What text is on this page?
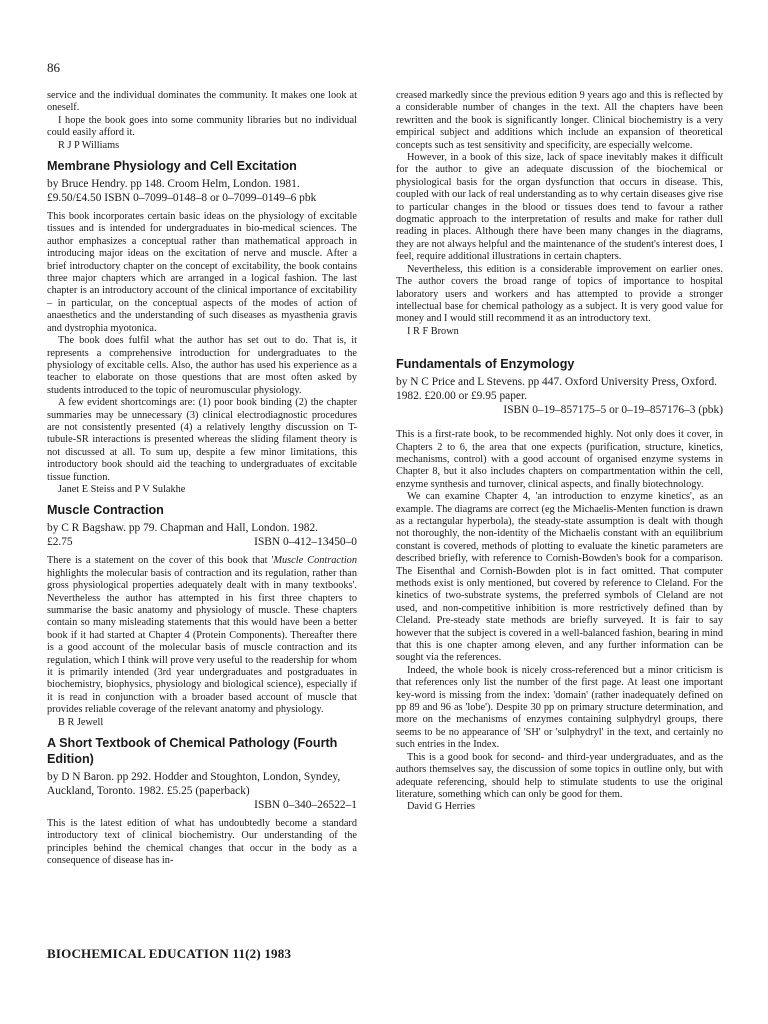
86

service and the individual dominates the community. It makes one look at oneself.

I hope the book goes into some community libraries but no individual could easily afford it.

R J P Williams

Membrane Physiology and Cell Excitation
by Bruce Hendry. pp 148. Croom Helm, London. 1981.
£9.50/£4.50 ISBN 0–7099–0148–8 or 0–7099–0149–6 pbk

This book incorporates certain basic ideas on the physiology of excitable tissues and is intended for undergraduates in bio-medical sciences. The author emphasizes a conceptual rather than mathematical approach in introducing major ideas on the excitation of nerve and muscle. After a brief introductory chapter on the concept of excitability, the book contains three major chapters which are arranged in a logical fashion. The last chapter is an introductory account of the clinical importance of excitability – in particular, on the conceptual aspects of the modes of action of anaesthetics and the understanding of such diseases as myasthenia gravis and dystrophia myotonica.

The book does fulfil what the author has set out to do. That is, it represents a comprehensive introduction for undergraduates to the physiology of excitable cells. Also, the author has used his experience as a teacher to elaborate on those questions that are most often asked by students introduced to the topic of neuromuscular physiology.

A few evident shortcomings are: (1) poor book binding (2) the chapter summaries may be unnecessary (3) clinical electrodiagnostic procedures are not consistently presented (4) a relatively lengthy discussion on T-tubule-SR interactions is presented whereas the sliding filament theory is not discussed at all. To sum up, despite a few minor limitations, this introductory book should aid the teaching to undergraduates of excitable tissue function.

Janet E Steiss and P V Sulakhe

Muscle Contraction
by C R Bagshaw. pp 79. Chapman and Hall, London. 1982.
£2.75	ISBN 0–412–13450–0

There is a statement on the cover of this book that 'Muscle Contraction highlights the molecular basis of contraction and its regulation, rather than gross physiological properties adequately dealt with in many textbooks'. Nevertheless the author has attempted in his first three chapters to summarise the basic anatomy and physiology of muscle. These chapters contain so many misleading statements that this would have been a better book if it had started at Chapter 4 (Protein Components). Thereafter there is a good account of the molecular basis of muscle contraction and its regulation, which I think will prove very useful to the readership for whom it is primarily intended (3rd year undergraduates and postgraduates in biochemistry, biophysics, physiology and biological science), especially if it is read in conjunction with a broader based account of muscle that provides reliable coverage of the relevant anatomy and physiology.

B R Jewell

A Short Textbook of Chemical Pathology (Fourth Edition)
by D N Baron. pp 292. Hodder and Stoughton, London, Syndey, Auckland, Toronto. 1982. £5.25 (paperback)
ISBN 0–340–26522–1

This is the latest edition of what has undoubtedly become a standard introductory text of clinical biochemistry. Our understanding of the principles behind the chemical changes that occur in the body as a consequence of disease has in-

creased markedly since the previous edition 9 years ago and this is reflected by a considerable number of changes in the text. All the chapters have been rewritten and the book is significantly longer. Clinical biochemistry is a very empirical subject and additions which include an expansion of theoretical concepts such as test sensitivity and specificity, are especially welcome.

However, in a book of this size, lack of space inevitably makes it difficult for the author to give an adequate discussion of the biochemical or physiological basis for the organ dysfunction that occurs in disease. This, coupled with our lack of real understanding as to why certain diseases give rise to particular changes in the blood or tissues does tend to favour a rather dogmatic approach to the interpretation of results and make for rather dull reading in places. Although there have been many changes in the diagrams, they are not always helpful and the maintenance of the student's interest does, I feel, require additional illustrations in certain chapters.

Nevertheless, this edition is a considerable improvement on earlier ones. The author covers the broad range of topics of importance to hospital laboratory users and workers and has attempted to provide a stronger intellectual base for chemical pathology as a subject. It is very good value for money and I would still recommend it as an introductory text.

I R F Brown

Fundamentals of Enzymology
by N C Price and L Stevens. pp 447. Oxford University Press, Oxford. 1982. £20.00 or £9.95 paper.
ISBN 0–19–857175–5 or 0–19–857176–3 (pbk)

This is a first-rate book, to be recommended highly. Not only does it cover, in Chapters 2 to 6, the area that one expects (purification, structure, kinetics, mechanisms, control) with a good account of organised enzyme systems in Chapter 8, but it also includes chapters on compartmentation within the cell, enzyme synthesis and turnover, clinical aspects, and finally biotechnology.

We can examine Chapter 4, 'an introduction to enzyme kinetics', as an example. The diagrams are correct (eg the Michaelis-Menten function is drawn as a rectangular hyperbola), the steady-state assumption is dealt with though not thoroughly, the non-identity of the Michaelis constant with an equilibrium constant is covered, methods of plotting to evaluate the kinetic parameters are described briefly, with reference to Cornish-Bowden's book for a comparison. The Eisenthal and Cornish-Bowden plot is in fact omitted. That computer methods exist is only mentioned, but covered by reference to Cleland. For the kinetics of two-substrate systems, the preferred symbols of Cleland are not used, and non-competitive inhibition is more restrictively defined than by Cleland. Pre-steady state methods are briefly surveyed. It is fair to say however that the subject is covered in a well-balanced fashion, bearing in mind that this is one chapter among eleven, and any further information can be sought via the references.

Indeed, the whole book is nicely cross-referenced but a minor criticism is that references only list the number of the first page. At least one important key-word is missing from the index: 'domain' (rather inadequately defined on pp 89 and 96 as 'lobe'). Despite 30 pp on primary structure determination, and more on the mechanisms of enzymes containing sulphydryl groups, there seems to be no appearance of 'SH' or 'sulphydryl' in the text, and certainly no such entries in the Index.

This is a good book for second- and third-year undergraduates, and as the authors themselves say, the discussion of some topics in outline only, but with adequate referencing, should help to stimulate students to use the original literature, something which can only be good for them.

David G Herries

BIOCHEMICAL EDUCATION 11(2) 1983
